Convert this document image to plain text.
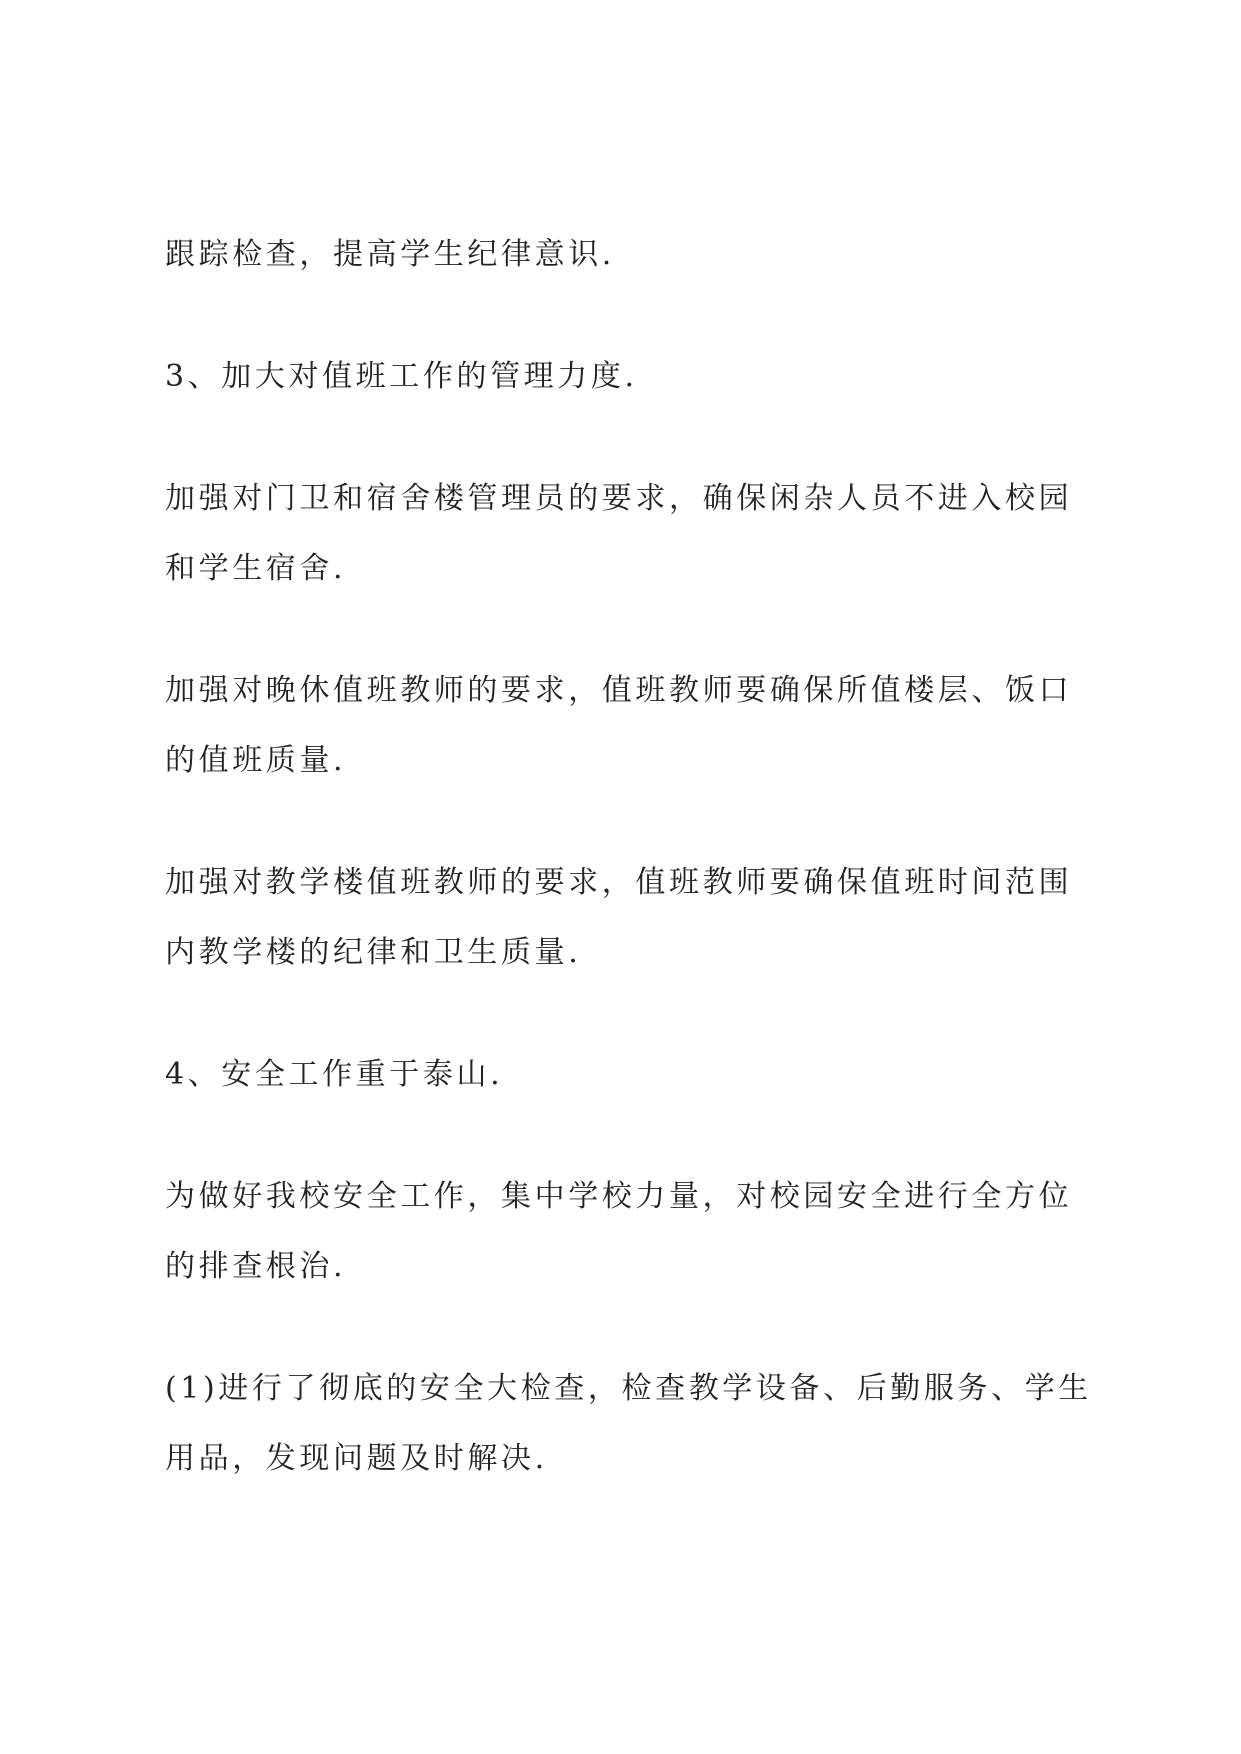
跟踪检查，提高学生纪律意识.

3、加大对值班工作的管理力度.

加强对门卫和宿舍楼管理员的要求，确保闲杂人员不进入校园和学生宿舍.

加强对晚休值班教师的要求，值班教师要确保所值楼层、饭口的值班质量.

加强对教学楼值班教师的要求，值班教师要确保值班时间范围内教学楼的纪律和卫生质量.

4、安全工作重于泰山.

为做好我校安全工作，集中学校力量，对校园安全进行全方位的排查根治.

(1)进行了彻底的安全大检查，检查教学设备、后勤服务、学生用品，发现问题及时解决.
